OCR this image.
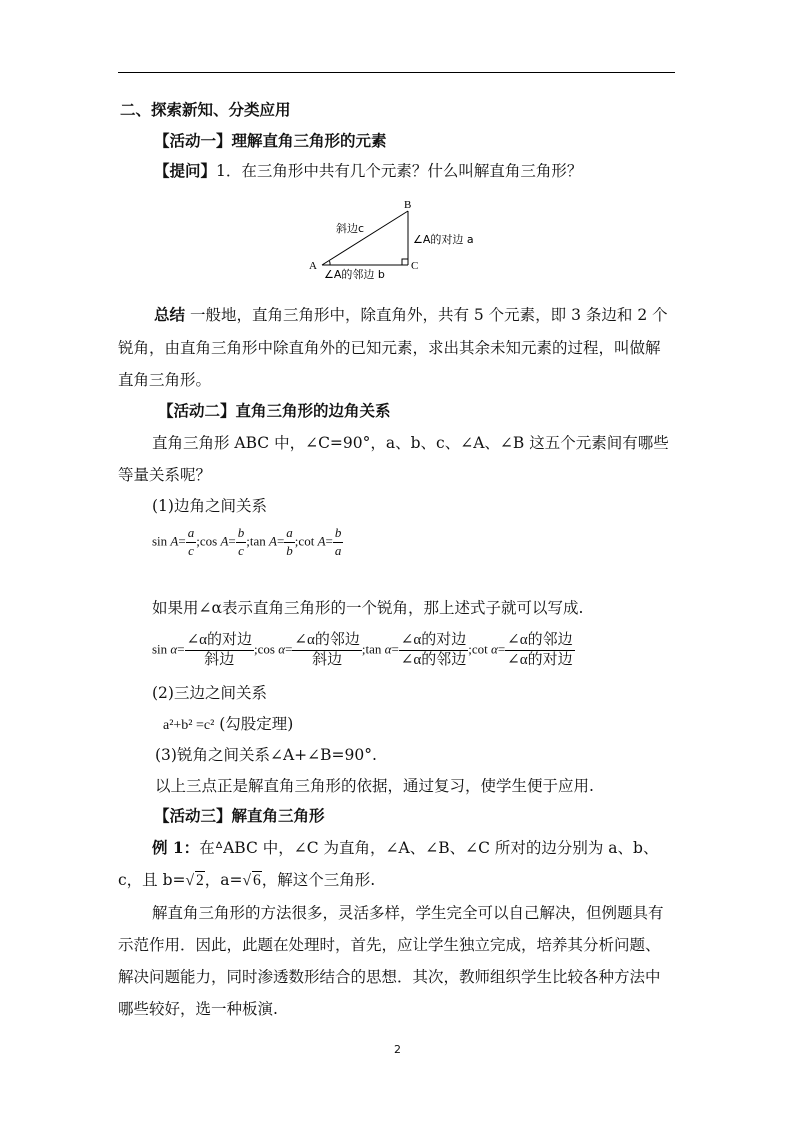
二、探索新知、分类应用
【活动一】理解直角三角形的元素
【提问】1．在三角形中共有几个元素？什么叫解直角三角形？
A
B
C
斜边c
∠A的对边 a
∠A的邻边 b
总结 一般地，直角三角形中，除直角外，共有 5 个元素，即 3 条边和 2 个
锐角，由直角三角形中除直角外的已知元素，求出其余未知元素的过程，叫做解
直角三角形。
【活动二】直角三角形的边角关系
直角三角形 ABC 中，∠C=90°，a、b、c、∠A、∠B 这五个元素间有哪些
等量关系呢？
(1)边角之间关系
$\sin A= \frac{a}{c}$ ;cos $A= \frac{b}{c}$ ;tan $A= \frac{a}{b}$ ;cot $A= \frac{b}{a}$
如果用∠α表示直角三角形的一个锐角，那上述式子就可以写成.
$\sin \alpha= \frac{\text{∠α的对边}}{\text{斜边}}$ ;cos $\alpha= \frac{\text{∠α的邻边}}{\text{斜边}}$ ;tan $\alpha= \frac{\text{∠α的对边}}{\text{∠α的邻边}}$ ;cot $\alpha= \frac{\text{∠α的邻边}}{\text{∠α的对边}}$
(2)三边之间关系
a²+b² =c² (勾股定理)
(3)锐角之间关系∠A+∠B=90°.
以上三点正是解直角三角形的依据，通过复习，使学生便于应用.
【活动三】解直角三角形
例 1：在ᐞABC 中，∠C 为直角，∠A、∠B、∠C 所对的边分别为 a、b、
c，且 b=√ 2，a=√ 6，解这个三角形.
解直角三角形的方法很多，灵活多样，学生完全可以自己解决，但例题具有
示范作用．因此，此题在处理时，首先，应让学生独立完成，培养其分析问题、
解决问题能力，同时渗透数形结合的思想．其次，教师组织学生比较各种方法中
哪些较好，选一种板演.
2
